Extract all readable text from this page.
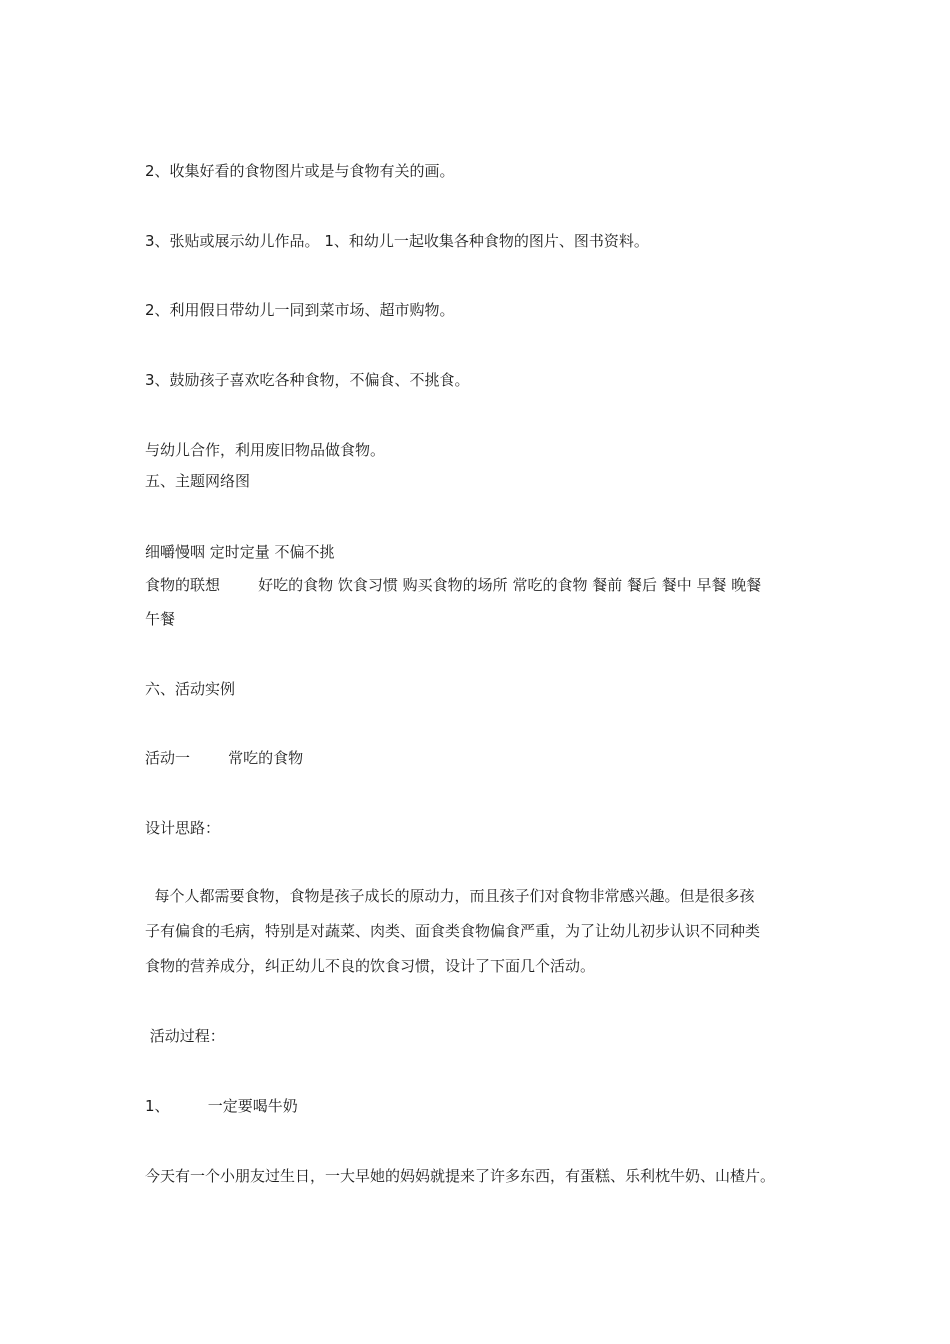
2、收集好看的食物图片或是与食物有关的画。
3、张贴或展示幼儿作品。 1、和幼儿一起收集各种食物的图片、图书资料。
2、利用假日带幼儿一同到菜市场、超市购物。
3、鼓励孩子喜欢吃各种食物，不偏食、不挑食。
与幼儿合作，利用废旧物品做食物。
五、主题网络图
细嚼慢咽 定时定量 不偏不挑
食物的联想        好吃的食物 饮食习惯 购买食物的场所 常吃的食物 餐前 餐后 餐中 早餐 晚餐
午餐
六、活动实例
活动一        常吃的食物
设计思路：
每个人都需要食物，食物是孩子成长的原动力，而且孩子们对食物非常感兴趣。但是很多孩
子有偏食的毛病，特别是对蔬菜、肉类、面食类食物偏食严重，为了让幼儿初步认识不同种类
食物的营养成分，纠正幼儿不良的饮食习惯，设计了下面几个活动。
活动过程：
1、        一定要喝牛奶
今天有一个小朋友过生日，一大早她的妈妈就提来了许多东西，有蛋糕、乐利枕牛奶、山楂片。
